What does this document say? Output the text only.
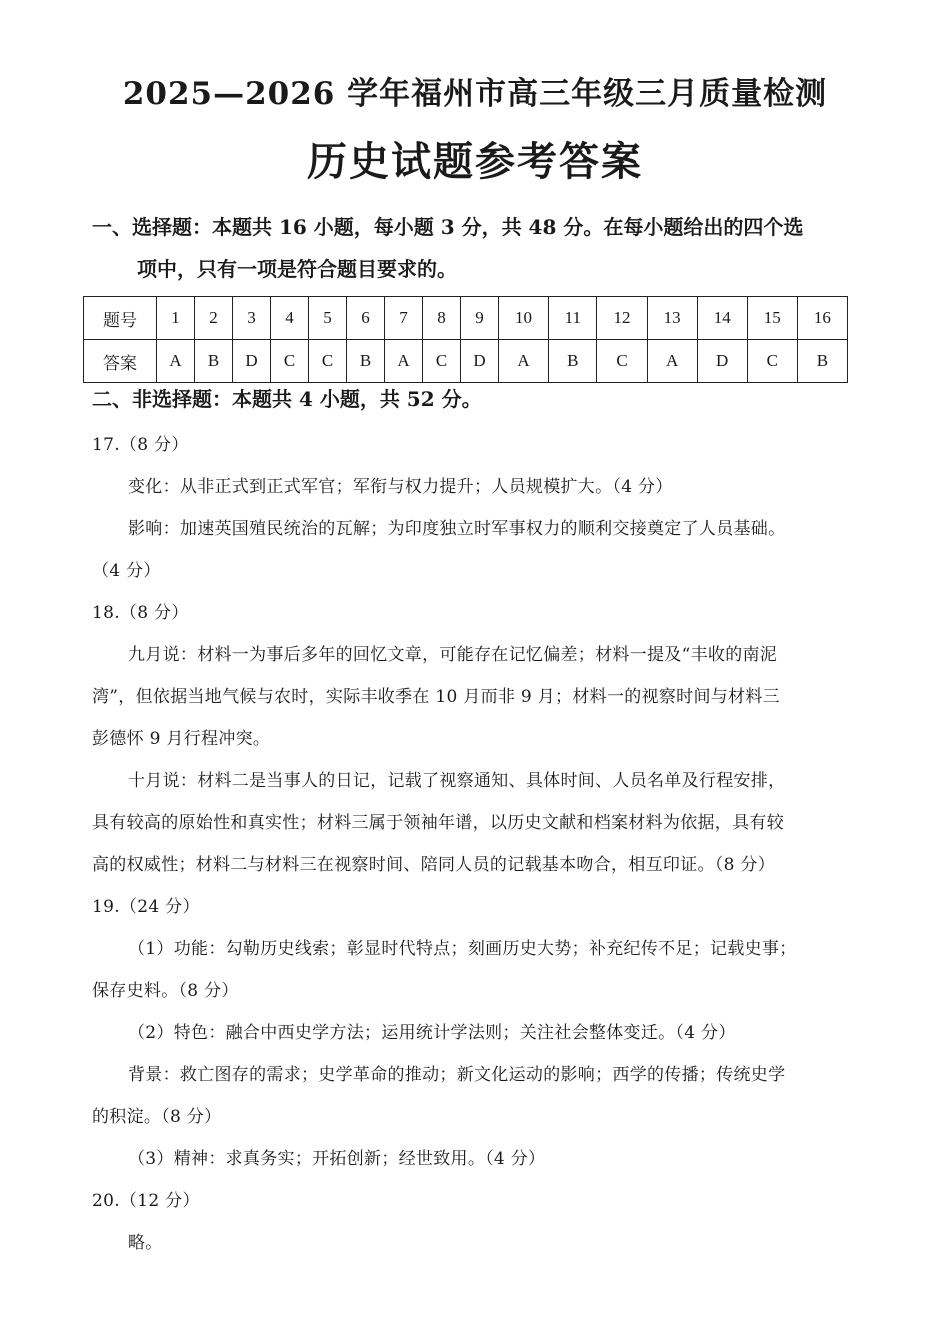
2025—2026 学年福州市高三年级三月质量检测
历史试题参考答案
一、选择题：本题共 16 小题，每小题 3 分，共 48 分。在每小题给出的四个选
项中，只有一项是符合题目要求的。
题号	1	2	3	4	5	6	7	8	9	10	11	12	13	14	15	16
答案	A	B	D	C	C	B	A	C	D	A	B	C	A	D	C	B
二、非选择题：本题共 4 小题，共 52 分。
17.（8 分）
变化：从非正式到正式军官；军衔与权力提升；人员规模扩大。（4 分）
影响：加速英国殖民统治的瓦解；为印度独立时军事权力的顺利交接奠定了人员基础。
（4 分）
18.（8 分）
九月说：材料一为事后多年的回忆文章，可能存在记忆偏差；材料一提及“丰收的南泥
湾”，但依据当地气候与农时，实际丰收季在 10 月而非 9 月；材料一的视察时间与材料三
彭德怀 9 月行程冲突。
十月说：材料二是当事人的日记，记载了视察通知、具体时间、人员名单及行程安排，
具有较高的原始性和真实性；材料三属于领袖年谱，以历史文献和档案材料为依据，具有较
高的权威性；材料二与材料三在视察时间、陪同人员的记载基本吻合，相互印证。（8 分）
19.（24 分）
（1）功能：勾勒历史线索；彰显时代特点；刻画历史大势；补充纪传不足；记载史事；
保存史料。（8 分）
（2）特色：融合中西史学方法；运用统计学法则；关注社会整体变迁。（4 分）
背景：救亡图存的需求；史学革命的推动；新文化运动的影响；西学的传播；传统史学
的积淀。（8 分）
（3）精神：求真务实；开拓创新；经世致用。（4 分）
20.（12 分）
略。
